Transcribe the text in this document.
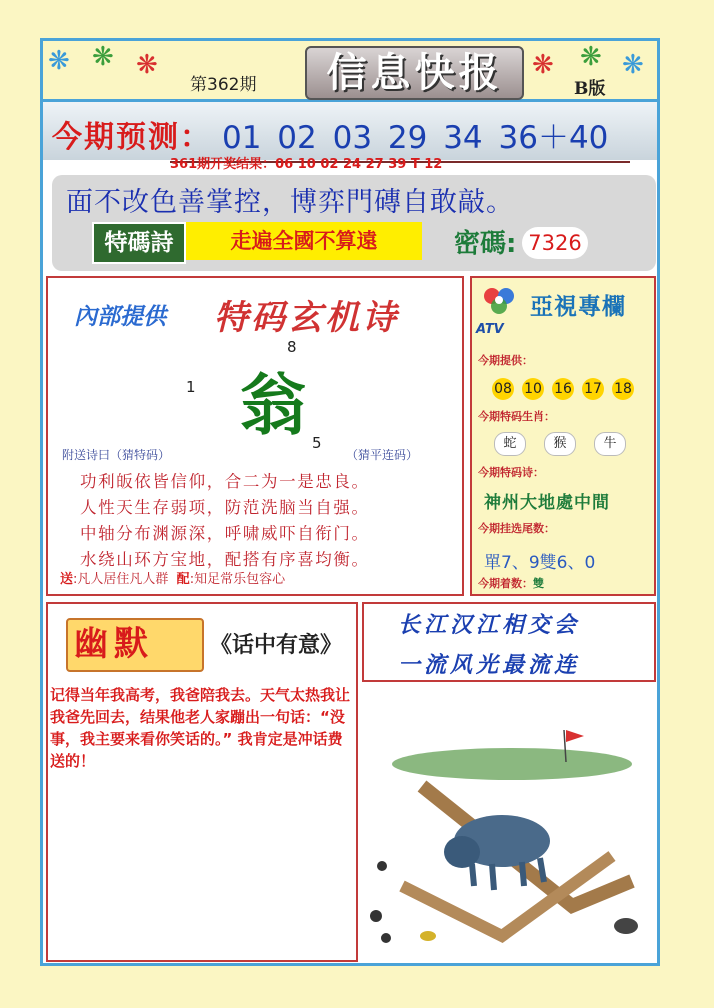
❋ ❋ ❋	❋ ❋ ❋
第362期	信息快报	B版
今期预测： 01 02 03 29 34 36＋40
361期开奖结果：06 10 02 24 27 39 T 12
面不改色善掌控，博弈門磚自敢敲。
特碼詩	走遍全國不算遠	密碼: 7326
內部提供 特码玄机诗
8
翁
1
5
附送诗曰（猜特码）	（猜平连码）
功利皈依皆信仰，合二为一是忠良。
人性天生存弱项，防范洗脑当自强。
中轴分布渊源深，呼啸威吓自衔门。
水绕山环方宝地，配搭有序喜均衡。
送:凡人居住凡人群 配:知足常乐包容心
ATV
亞視專欄
今期提供：
08 10 16 17 18
今期特码生肖：
蛇	猴	牛
今期特码诗：
神州大地處中間
今期挂选尾数：
單7、9雙6、0
今期着数：雙
幽默	《话中有意》
记得当年我高考，我爸陪我去。天气太热我让我爸先回去，结果他老人家蹦出一句话：“没事，我主要来看你笑话的。” 我肯定是冲话费送的！
长江汉江相交会
一流风光最流连
